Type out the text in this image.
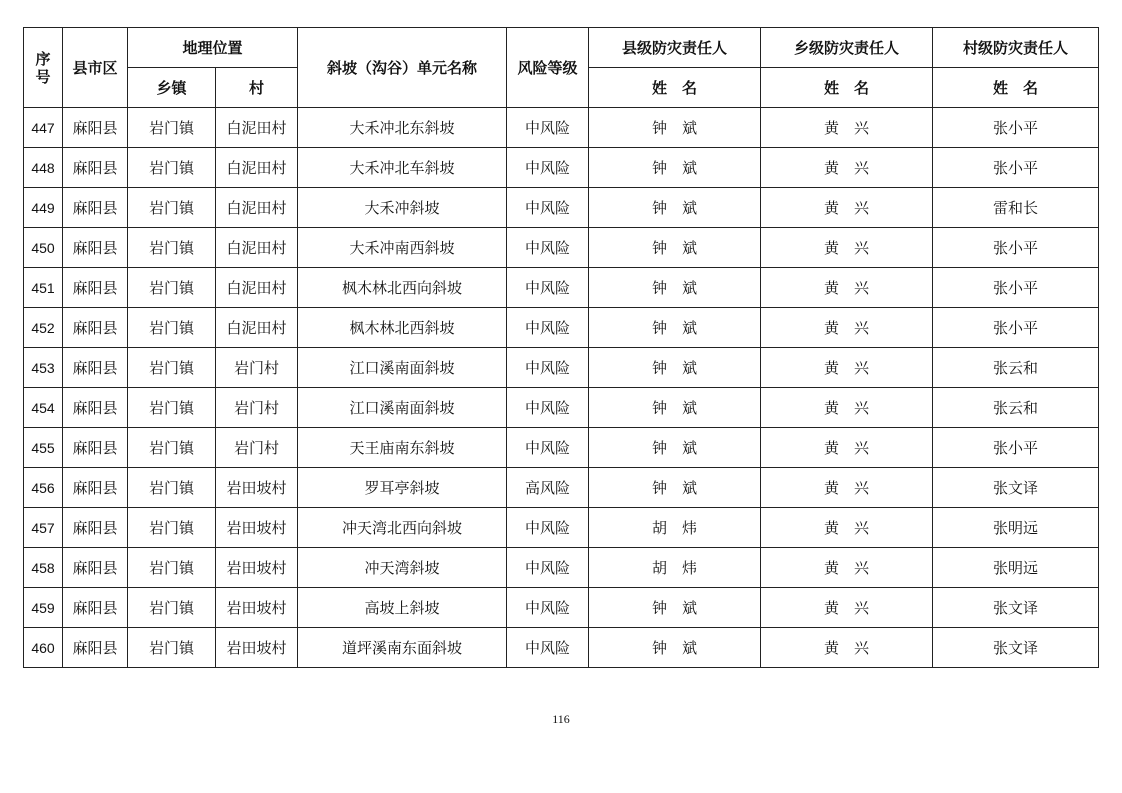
序
号	县市区	地理位置		斜坡（沟谷）单元名称	风险等级	县级防灾责任人	乡级防灾责任人	村级防灾责任人
		乡镇	村			姓　名	姓　名	姓　名
447	麻阳县	岩门镇	白泥田村	大禾冲北东斜坡	中风险	钟　斌	黄　兴	张小平
448	麻阳县	岩门镇	白泥田村	大禾冲北车斜坡	中风险	钟　斌	黄　兴	张小平
449	麻阳县	岩门镇	白泥田村	大禾冲斜坡	中风险	钟　斌	黄　兴	雷和长
450	麻阳县	岩门镇	白泥田村	大禾冲南西斜坡	中风险	钟　斌	黄　兴	张小平
451	麻阳县	岩门镇	白泥田村	枫木林北西向斜坡	中风险	钟　斌	黄　兴	张小平
452	麻阳县	岩门镇	白泥田村	枫木林北西斜坡	中风险	钟　斌	黄　兴	张小平
453	麻阳县	岩门镇	岩门村	江口溪南面斜坡	中风险	钟　斌	黄　兴	张云和
454	麻阳县	岩门镇	岩门村	江口溪南面斜坡	中风险	钟　斌	黄　兴	张云和
455	麻阳县	岩门镇	岩门村	天王庙南东斜坡	中风险	钟　斌	黄　兴	张小平
456	麻阳县	岩门镇	岩田坡村	罗耳亭斜坡	高风险	钟　斌	黄　兴	张文译
457	麻阳县	岩门镇	岩田坡村	冲天湾北西向斜坡	中风险	胡　炜	黄　兴	张明远
458	麻阳县	岩门镇	岩田坡村	冲天湾斜坡	中风险	胡　炜	黄　兴	张明远
459	麻阳县	岩门镇	岩田坡村	高坡上斜坡	中风险	钟　斌	黄　兴	张文译
460	麻阳县	岩门镇	岩田坡村	道坪溪南东面斜坡	中风险	钟　斌	黄　兴	张文译
116
